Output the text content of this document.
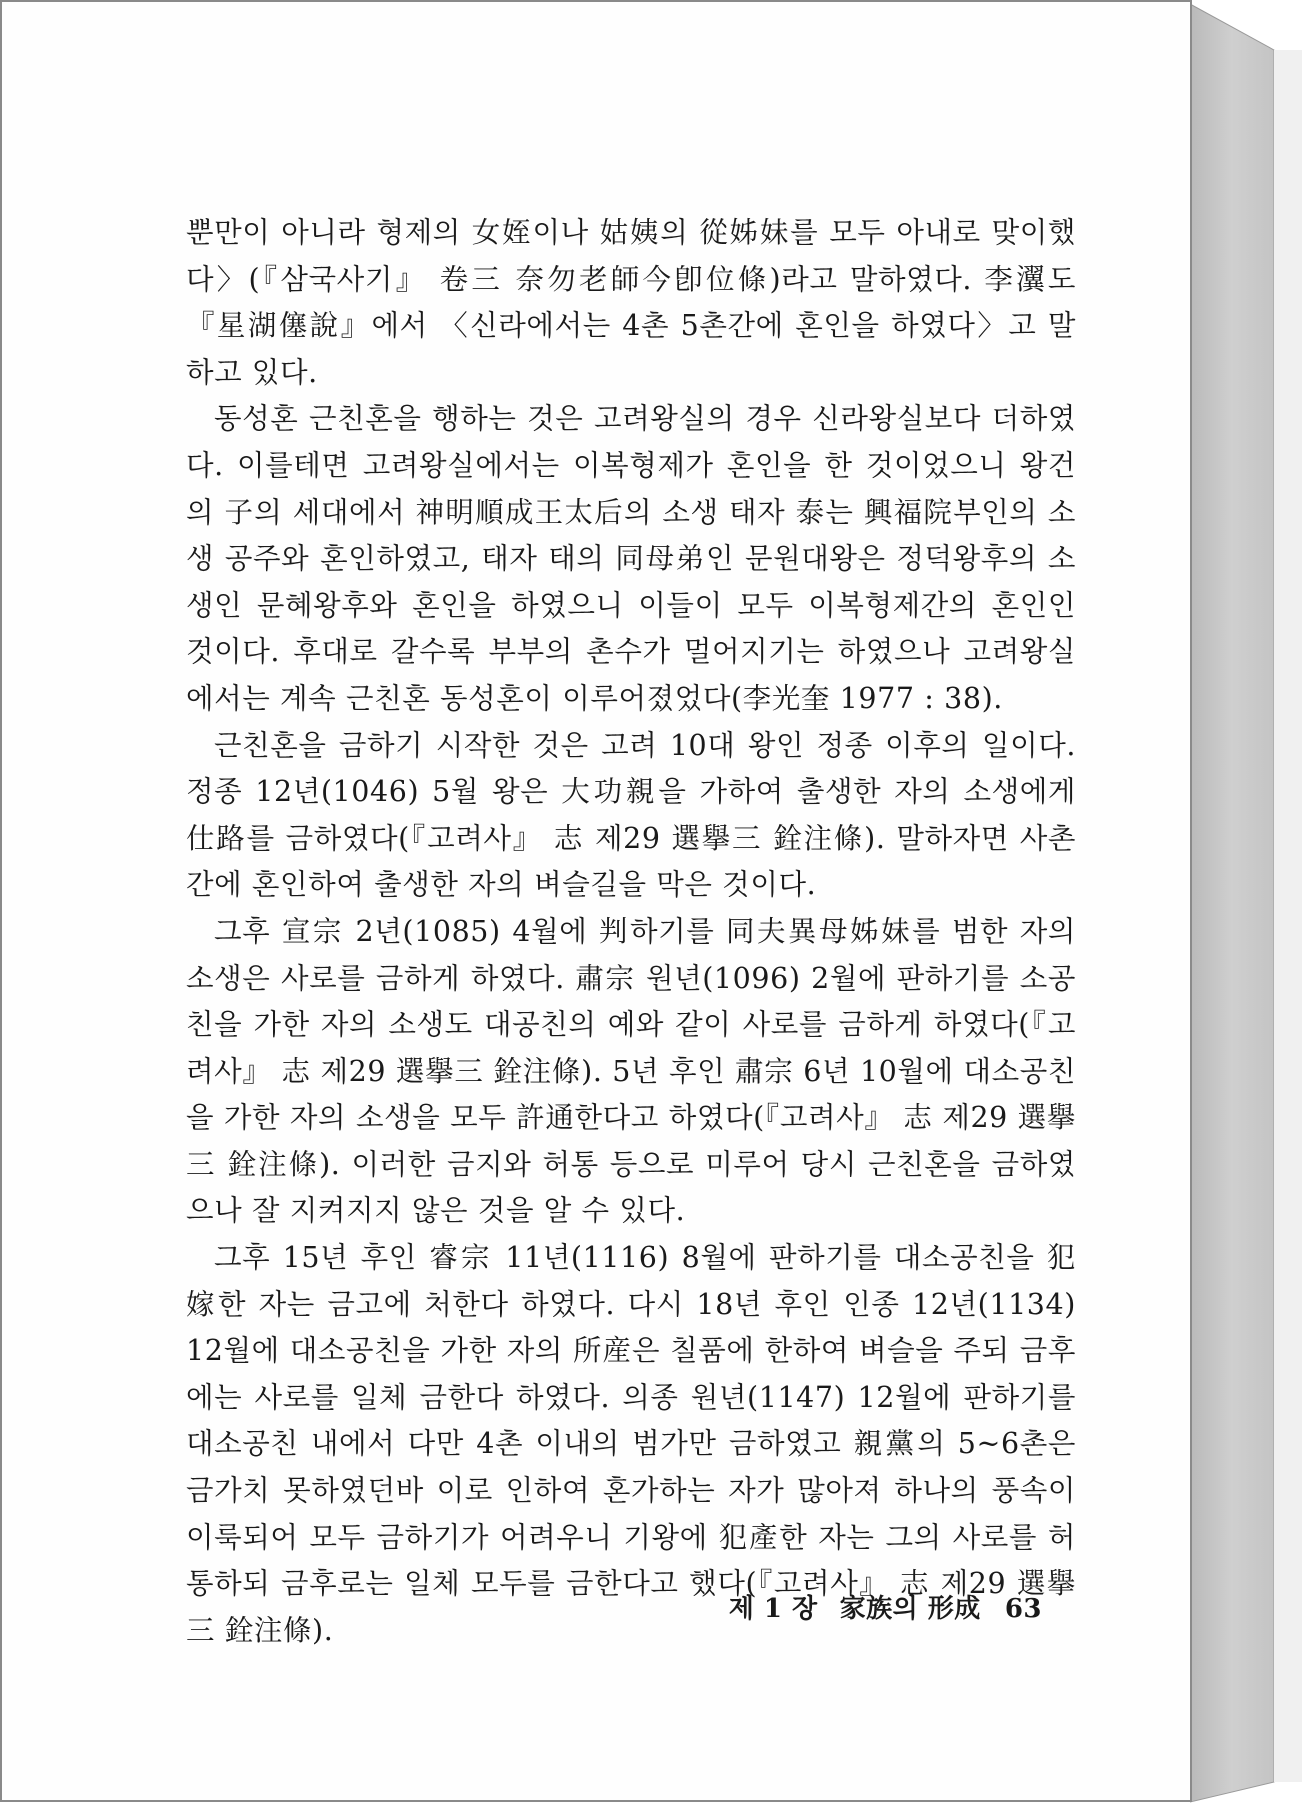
뿐만이 아니라 형제의 女姪이나 姑姨의 從姊妹를 모두 아내로 맞이했다〉(『삼국사기』 卷三 奈勿老師今卽位條)라고 말하였다. 李瀷도 『星湖僿說』에서 〈신라에서는 4촌 5촌간에 혼인을 하였다〉고 말하고 있다.

동성혼 근친혼을 행하는 것은 고려왕실의 경우 신라왕실보다 더하였다. 이를테면 고려왕실에서는 이복형제가 혼인을 한 것이었으니 왕건의 子의 세대에서 神明順成王太后의 소생 태자 泰는 興福院부인의 소생 공주와 혼인하였고, 태자 태의 同母弟인 문원대왕은 정덕왕후의 소생인 문혜왕후와 혼인을 하였으니 이들이 모두 이복형제간의 혼인인 것이다. 후대로 갈수록 부부의 촌수가 멀어지기는 하였으나 고려왕실에서는 계속 근친혼 동성혼이 이루어졌었다(李光奎 1977 : 38).

근친혼을 금하기 시작한 것은 고려 10대 왕인 정종 이후의 일이다. 정종 12년(1046) 5월 왕은 大功親을 가하여 출생한 자의 소생에게 仕路를 금하였다(『고려사』 志 제29 選擧三 銓注條). 말하자면 사촌간에 혼인하여 출생한 자의 벼슬길을 막은 것이다.

그후 宣宗 2년(1085) 4월에 判하기를 同夫異母姊妹를 범한 자의 소생은 사로를 금하게 하였다. 肅宗 원년(1096) 2월에 판하기를 소공친을 가한 자의 소생도 대공친의 예와 같이 사로를 금하게 하였다(『고려사』 志 제29 選擧三 銓注條). 5년 후인 肅宗 6년 10월에 대소공친을 가한 자의 소생을 모두 許通한다고 하였다(『고려사』 志 제29 選擧三 銓注條). 이러한 금지와 허통 등으로 미루어 당시 근친혼을 금하였으나 잘 지켜지지 않은 것을 알 수 있다.

그후 15년 후인 睿宗 11년(1116) 8월에 판하기를 대소공친을 犯嫁한 자는 금고에 처한다 하였다. 다시 18년 후인 인종 12년(1134) 12월에 대소공친을 가한 자의 所産은 칠품에 한하여 벼슬을 주되 금후에는 사로를 일체 금한다 하였다. 의종 원년(1147) 12월에 판하기를 대소공친 내에서 다만 4촌 이내의 범가만 금하였고 親黨의 5~6촌은 금가치 못하였던바 이로 인하여 혼가하는 자가 많아져 하나의 풍속이 이룩되어 모두 금하기가 어려우니 기왕에 犯產한 자는 그의 사로를 허통하되 금후로는 일체 모두를 금한다고 했다(『고려사』 志 제29 選擧三 銓注條).

제 1 장 家族의 形成 63
